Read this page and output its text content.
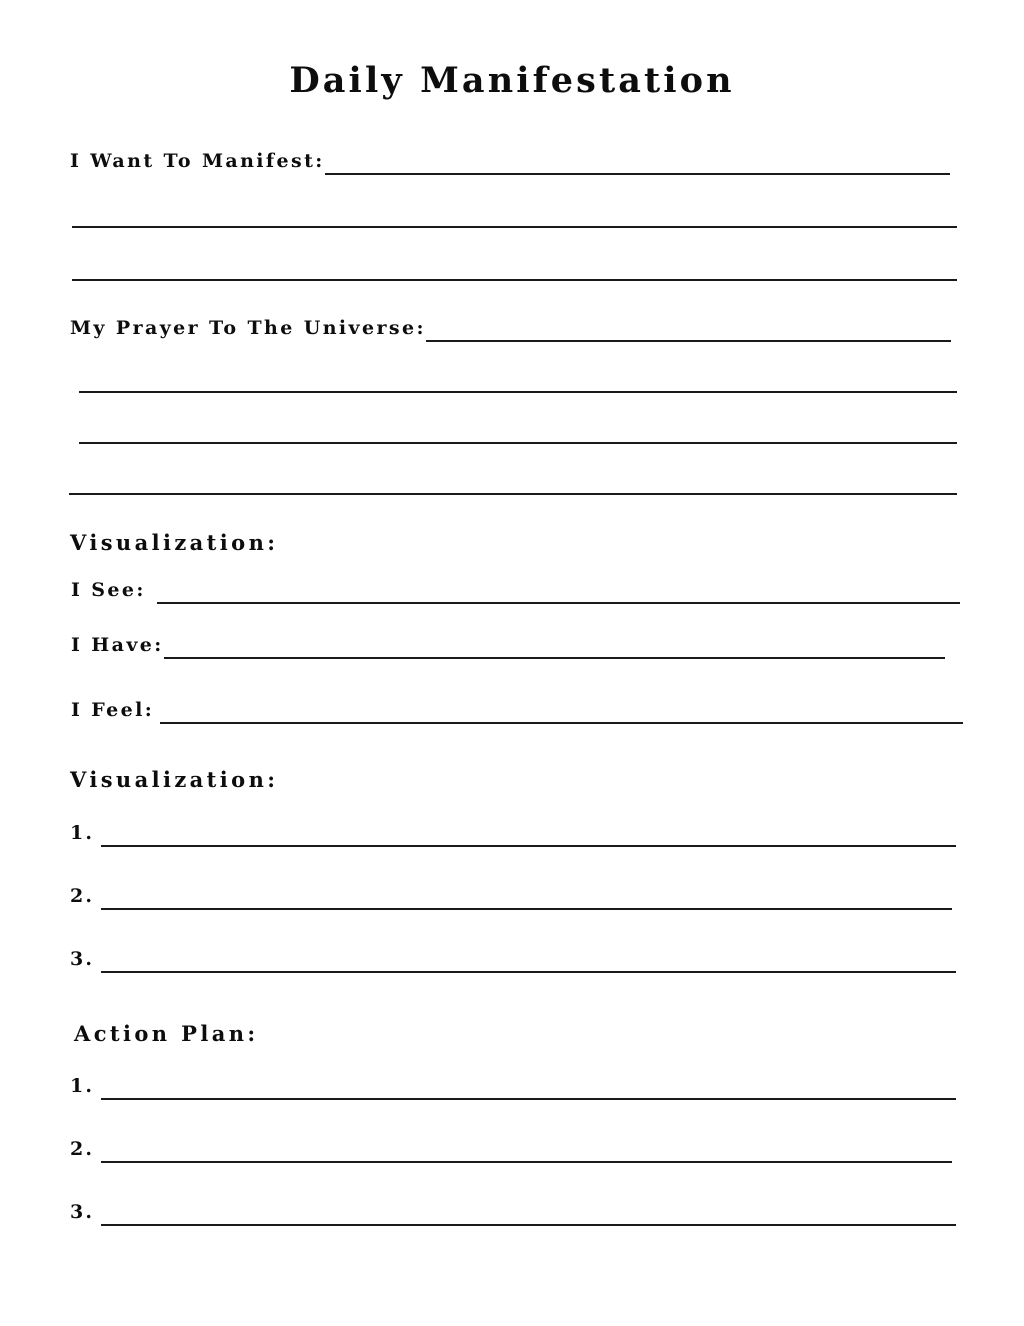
Daily Manifestation
I Want To Manifest:
My Prayer To The Universe:
Visualization:
I See:
I Have:
I Feel:
Visualization:
1.
2.
3.
Action Plan:
1.
2.
3.
